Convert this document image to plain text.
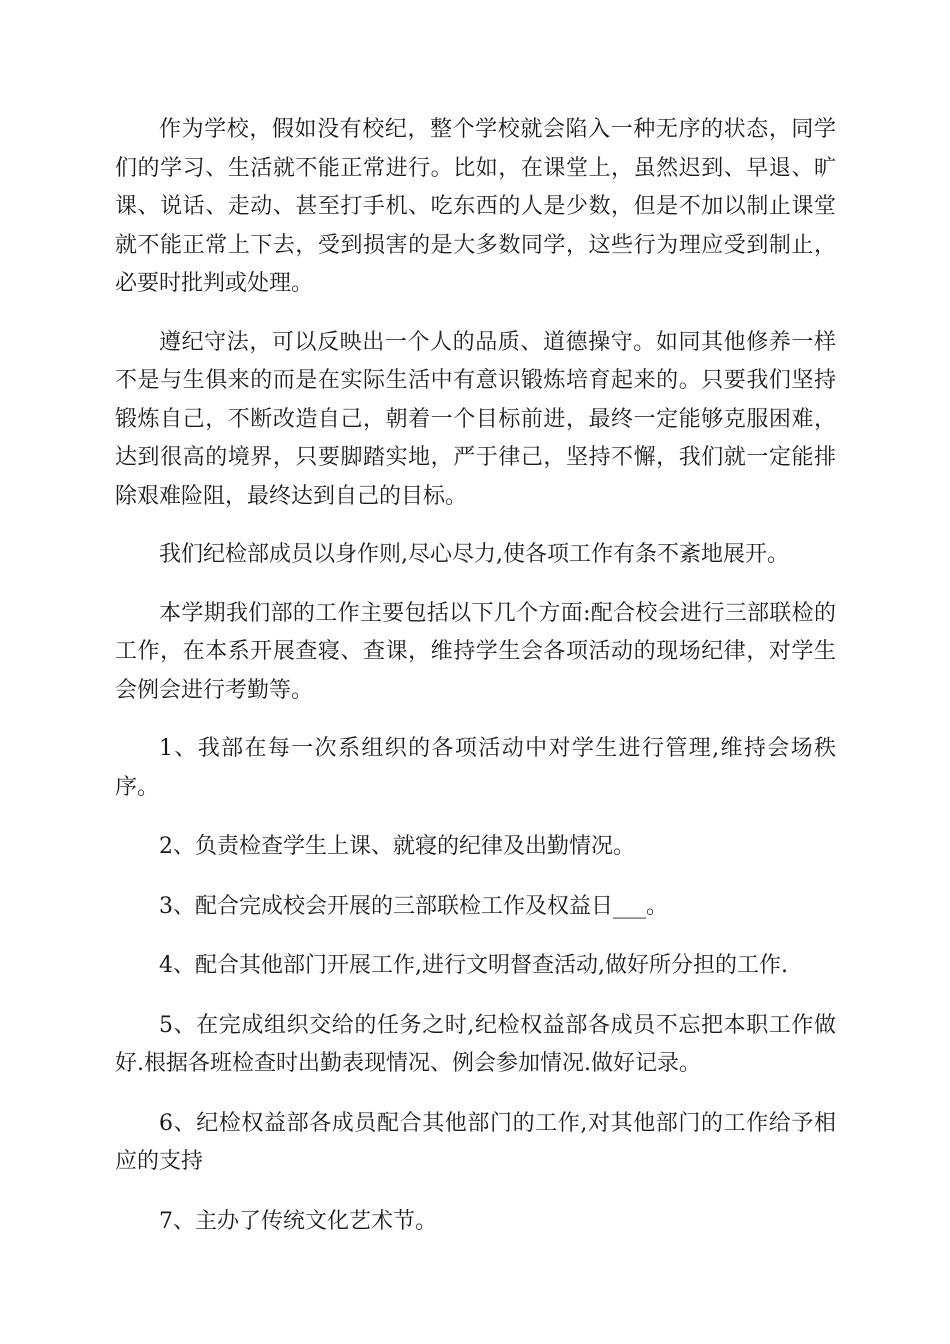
作为学校，假如没有校纪，整个学校就会陷入一种无序的状态，同学们的学习、生活就不能正常进行。比如，在课堂上，虽然迟到、早退、旷课、说话、走动、甚至打手机、吃东西的人是少数，但是不加以制止课堂就不能正常上下去，受到损害的是大多数同学，这些行为理应受到制止，必要时批判或处理。

遵纪守法，可以反映出一个人的品质、道德操守。如同其他修养一样不是与生俱来的而是在实际生活中有意识锻炼培育起来的。只要我们坚持锻炼自己，不断改造自己，朝着一个目标前进，最终一定能够克服困难，达到很高的境界，只要脚踏实地，严于律己，坚持不懈，我们就一定能排除艰难险阻，最终达到自己的目标。

我们纪检部成员以身作则,尽心尽力,使各项工作有条不紊地展开。

本学期我们部的工作主要包括以下几个方面:配合校会进行三部联检的工作，在本系开展查寝、查课，维持学生会各项活动的现场纪律，对学生会例会进行考勤等。

1、我部在每一次系组织的各项活动中对学生进行管理,维持会场秩序。

2、负责检查学生上课、就寝的纪律及出勤情况。

3、配合完成校会开展的三部联检工作及权益日___。

4、配合其他部门开展工作,进行文明督查活动,做好所分担的工作.

5、在完成组织交给的任务之时,纪检权益部各成员不忘把本职工作做好.根据各班检查时出勤表现情况、例会参加情况.做好记录。

6、纪检权益部各成员配合其他部门的工作,对其他部门的工作给予相应的支持

7、主办了传统文化艺术节。
